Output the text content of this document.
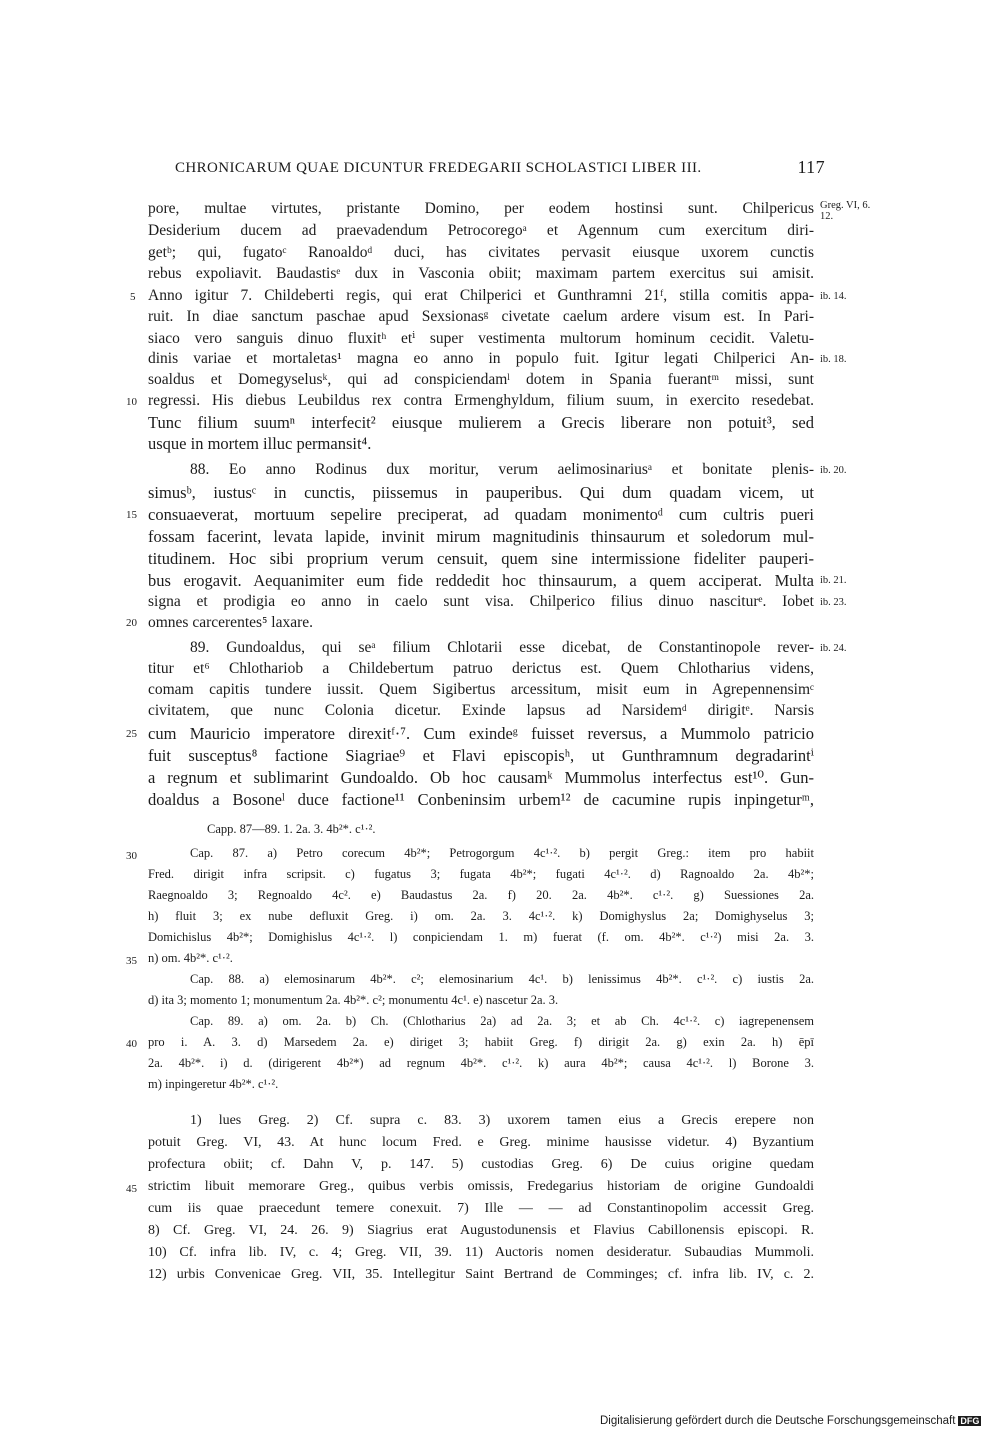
CHRONICARUM QUAE DICUNTUR FREDEGARII SCHOLASTICI LIBER III.	117
pore, multae virtutes, pristante Domino, per eodem hostinsi sunt. Chilpericus
Desiderium ducem ad praevadendum Petrocoregoᵃ et Agennum cum exercitum diri-
getᵇ; qui, fugatoᶜ Ranoaldoᵈ duci, has civitates pervasit eiusque uxorem cunctis
rebus expoliavit. Baudastisᵉ dux in Vasconia obiit; maximam partem exercitus sui amisit.
Anno igitur 7. Childeberti regis, qui erat Chilperici et Gunthramni 21ᶠ, stilla comitis appa-
ruit. In diae sanctum paschae apud Sexsionasᵍ civetate caelum ardere visum est. In Pari-
siaco vero sanguis dinuo fluxitʰ etⁱ super vestimenta multorum hominum cecidit. Valetu-
dinis variae et mortaletas¹ magna eo anno in populo fuit. Igitur legati Chilperici An-
soaldus et Domegyselusᵏ, qui ad conspiciendamˡ dotem in Spania fuerantᵐ missi, sunt
regressi. His diebus Leubildus rex contra Ermenghyldum, filium suum, in exercito resedebat.
Tunc filium suumⁿ interfecit² eiusque mulierem a Grecis liberare non potuit³, sed
usque in mortem illuc permansit⁴.
88. Eo anno Rodinus dux moritur, verum aelimosinariusᵃ et bonitate plenis-
simusᵇ, iustusᶜ in cunctis, piissemus in pauperibus. Qui dum quadam vicem, ut
consuaeverat, mortuum sepelire preciperat, ad quadam monimentoᵈ cum cultris pueri
fossam facerint, levata lapide, invinit mirum magnitudinis thinsaurum et soledorum mul-
titudinem. Hoc sibi proprium verum censuit, quem sine intermissione fideliter pauperi-
bus erogavit. Aequanimiter eum fide reddedit hoc thinsaurum, a quem acciperat. Multa
signa et prodigia eo anno in caelo sunt visa. Chilperico filius dinuo nasciturᵉ. Iobet
omnes carcerentes⁵ laxare.
89. Gundoaldus, qui seᵃ filium Chlotarii esse dicebat, de Constantinopole rever-
titur et⁶ Chlothariob a Childebertum patruo derictus est. Quem Chlotharius videns,
comam capitis tundere iussit. Quem Sigibertus arcessitum, misit eum in Agrepennensimᶜ
civitatem, que nunc Colonia dicetur. Exinde lapsus ad Narsidemᵈ dirigitᵉ. Narsis
cum Mauricio imperatore direxitᶠ·⁷. Cum exindeᵍ fuisset reversus, a Mummolo patricio
fuit susceptus⁸ factione Siagriae⁹ et Flavi episcopisʰ, ut Gunthramnum degradarintⁱ
a regnum et sublimarint Gundoaldo. Ob hoc causamᵏ Mummolus interfectus est¹⁰. Gun-
doaldus a Bosoneˡ duce factione¹¹ Conbeninsim urbem¹² de cacumine rupis inpingeturᵐ,
Capp. 87—89. 1. 2a. 3. 4b²*. c¹·².
Cap. 87. a) Petro corecum 4b²*; Petrogorgum 4c¹·². b) pergit Greg.: item pro habiit
Fred. dirigit infra scripsit. c) fugatus 3; fugata 4b²*; fugati 4c¹·². d) Ragnoaldo 2a. 4b²*;
Raegnoaldo 3; Regnoaldo 4c². e) Baudastus 2a. f) 20. 2a. 4b²*. c¹·². g) Suessiones 2a.
h) fluit 3; ex nube defluxit Greg. i) om. 2a. 3. 4c¹·². k) Domighyslus 2a; Domighyselus 3;
Domichislus 4b²*; Domighislus 4c¹·². l) conpiciendam 1. m) fuerat (f. om. 4b²*. c¹·²) misi 2a. 3.
n) om. 4b²*. c¹·².
Cap. 88. a) elemosinarum 4b²*. c²; elemosinarium 4c¹. b) lenissimus 4b²*. c¹·². c) iustis 2a.
d) ita 3; momento 1; monumentum 2a. 4b²*. c²; monumentu 4c¹. e) nascetur 2a. 3.
Cap. 89. a) om. 2a. b) Ch. (Chlotharius 2a) ad 2a. 3; et ab Ch. 4c¹·². c) iagrepenensem
pro i. A. 3. d) Marsedem 2a. e) diriget 3; habiit Greg. f) dirigit 2a. g) exin 2a. h) ēpī
2a. 4b²*. i) d. (dirigerent 4b²*) ad regnum 4b²*. c¹·². k) aura 4b²*; causa 4c¹·². l) Borone 3.
m) inpingeretur 4b²*. c¹·².
1) lues Greg. 2) Cf. supra c. 83. 3) uxorem tamen eius a Grecis erepere non
potuit Greg. VI, 43. At hunc locum Fred. e Greg. minime hausisse videtur. 4) Byzantium
profectura obiit; cf. Dahn V, p. 147. 5) custodias Greg. 6) De cuius origine quedam
strictim libuit memorare Greg., quibus verbis omissis, Fredegarius historiam de origine Gundoaldi
cum iis quae praecedunt temere conexuit. 7) Ille — — ad Constantinopolim accessit Greg.
8) Cf. Greg. VI, 24. 26. 9) Siagrius erat Augustodunensis et Flavius Cabillonensis episcopi. R.
10) Cf. infra lib. IV, c. 4; Greg. VII, 39. 11) Auctoris nomen desideratur. Subaudias Mummoli.
12) urbis Convenicae Greg. VII, 35. Intellegitur Saint Bertrand de Comminges; cf. infra lib. IV, c. 2.
5
10
15
20
25
30
35
40
45
Greg. VI, 6. 12.
ib. 14.
ib. 18.
ib. 20.
ib. 21.
ib. 23.
ib. 24.
Digitalisierung gefördert durch die Deutsche Forschungsgemeinschaft DFG
